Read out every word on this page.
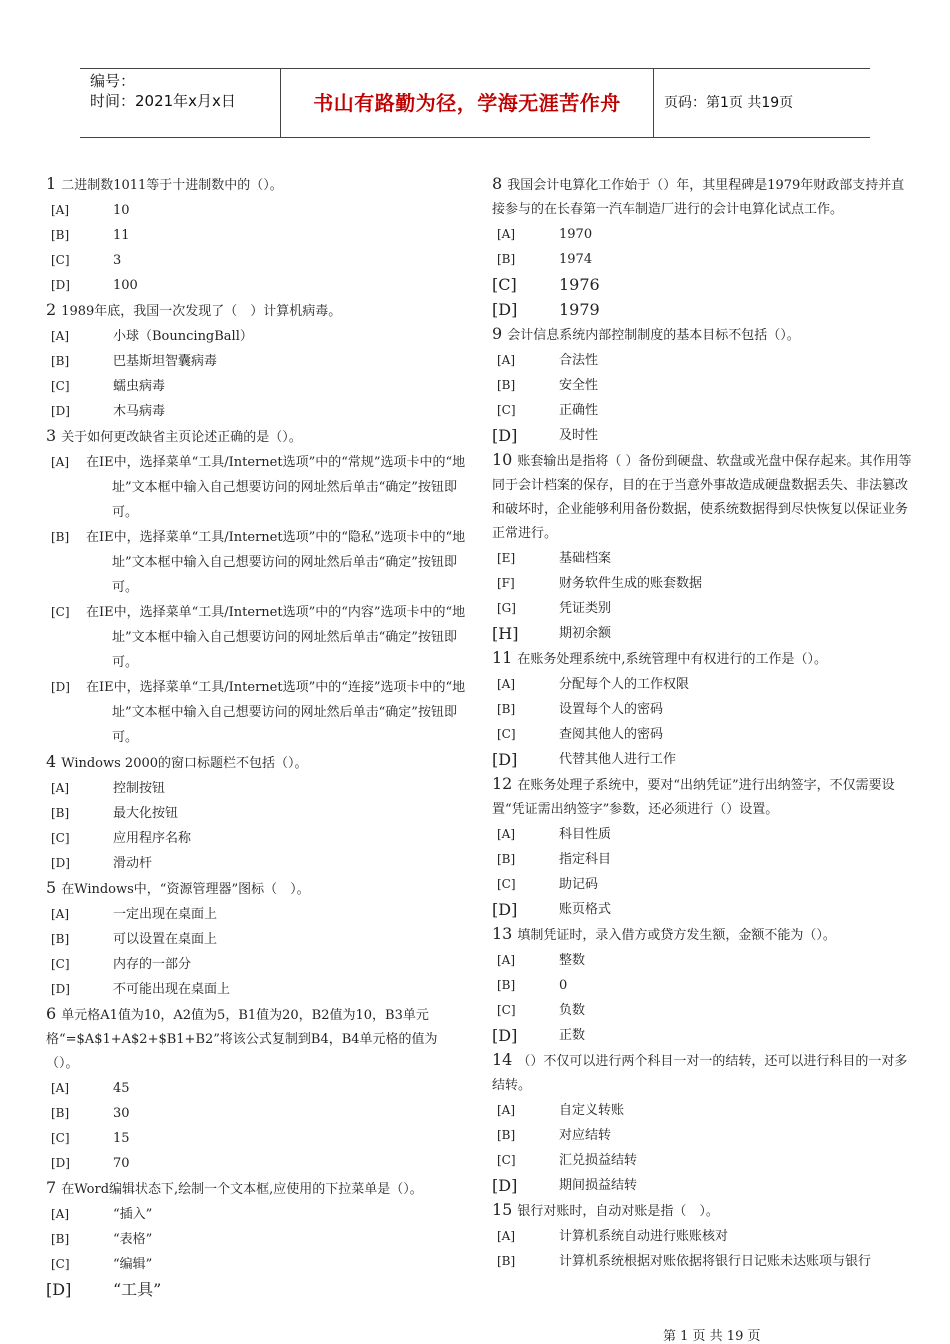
编号：
时间：2021年x月x日	书山有路勤为径，学海无涯苦作舟	页码：第1页 共19页
1 二进制数1011等于十进制数中的（）。
[A]	10
[B]	11
[C]	3
[D]	100
2 1989年底，我国一次发现了（　）计算机病毒。
[A]	小球（BouncingBall）
[B]	巴基斯坦智囊病毒
[C]	蠕虫病毒
[D]	木马病毒
3 关于如何更改缺省主页论述正确的是（）。
[A]	在IE中，选择菜单“工具/Internet选项”中的“常规”选项卡中的“地址”文本框中输入自己想要访问的网址然后单击“确定”按钮即可。
[B]	在IE中，选择菜单“工具/Internet选项”中的“隐私”选项卡中的“地址”文本框中输入自己想要访问的网址然后单击“确定”按钮即可。
[C]	在IE中，选择菜单“工具/Internet选项”中的“内容”选项卡中的“地址”文本框中输入自己想要访问的网址然后单击“确定”按钮即可。
[D]	在IE中，选择菜单“工具/Internet选项”中的“连接”选项卡中的“地址”文本框中输入自己想要访问的网址然后单击“确定”按钮即可。
4 Windows 2000的窗口标题栏不包括（）。
[A]	控制按钮
[B]	最大化按钮
[C]	应用程序名称
[D]	滑动杆
5 在Windows中，“资源管理器”图标（　）。
[A]	一定出现在桌面上
[B]	可以设置在桌面上
[C]	内存的一部分
[D]	不可能出现在桌面上
6 单元格A1值为10，A2值为5，B1值为20，B2值为10，B3单元格“=$A$1+A$2+$B1+B2”将该公式复制到B4，B4单元格的值为（）。
[A]	45
[B]	30
[C]	15
[D]	70
7 在Word编辑状态下,绘制一个文本框,应使用的下拉菜单是（）。
[A]	“插入”
[B]	“表格”
[C]	“编辑”
[D]	“工具”
8 我国会计电算化工作始于（）年，其里程碑是1979年财政部支持并直接参与的在长春第一汽车制造厂进行的会计电算化试点工作。
[A]	1970
[B]	1974
[C]	1976
[D]	1979
9 会计信息系统内部控制制度的基本目标不包括（）。
[A]	合法性
[B]	安全性
[C]	正确性
[D]	及时性
10 账套输出是指将（ ）备份到硬盘、软盘或光盘中保存起来。其作用等同于会计档案的保存，目的在于当意外事故造成硬盘数据丢失、非法篡改和破坏时，企业能够利用备份数据，使系统数据得到尽快恢复以保证业务正常进行。
[E]	基础档案
[F]	财务软件生成的账套数据
[G]	凭证类别
[H]	期初余额
11 在账务处理系统中,系统管理中有权进行的工作是（）。
[A]	分配每个人的工作权限
[B]	设置每个人的密码
[C]	查阅其他人的密码
[D]	代替其他人进行工作
12 在账务处理子系统中，要对“出纳凭证”进行出纳签字，不仅需要设置“凭证需出纳签字”参数，还必须进行（）设置。
[A]	科目性质
[B]	指定科目
[C]	助记码
[D]	账页格式
13 填制凭证时，录入借方或贷方发生额，金额不能为（）。
[A]	整数
[B]	0
[C]	负数
[D]	正数
14 （）不仅可以进行两个科目一对一的结转，还可以进行科目的一对多结转。
[A]	自定义转账
[B]	对应结转
[C]	汇兑损益结转
[D]	期间损益结转
15 银行对账时，自动对账是指（　）。
[A]	计算机系统自动进行账账核对
[B]	计算机系统根据对账依据将银行日记账未达账项与银行
第 1 页 共 19 页
